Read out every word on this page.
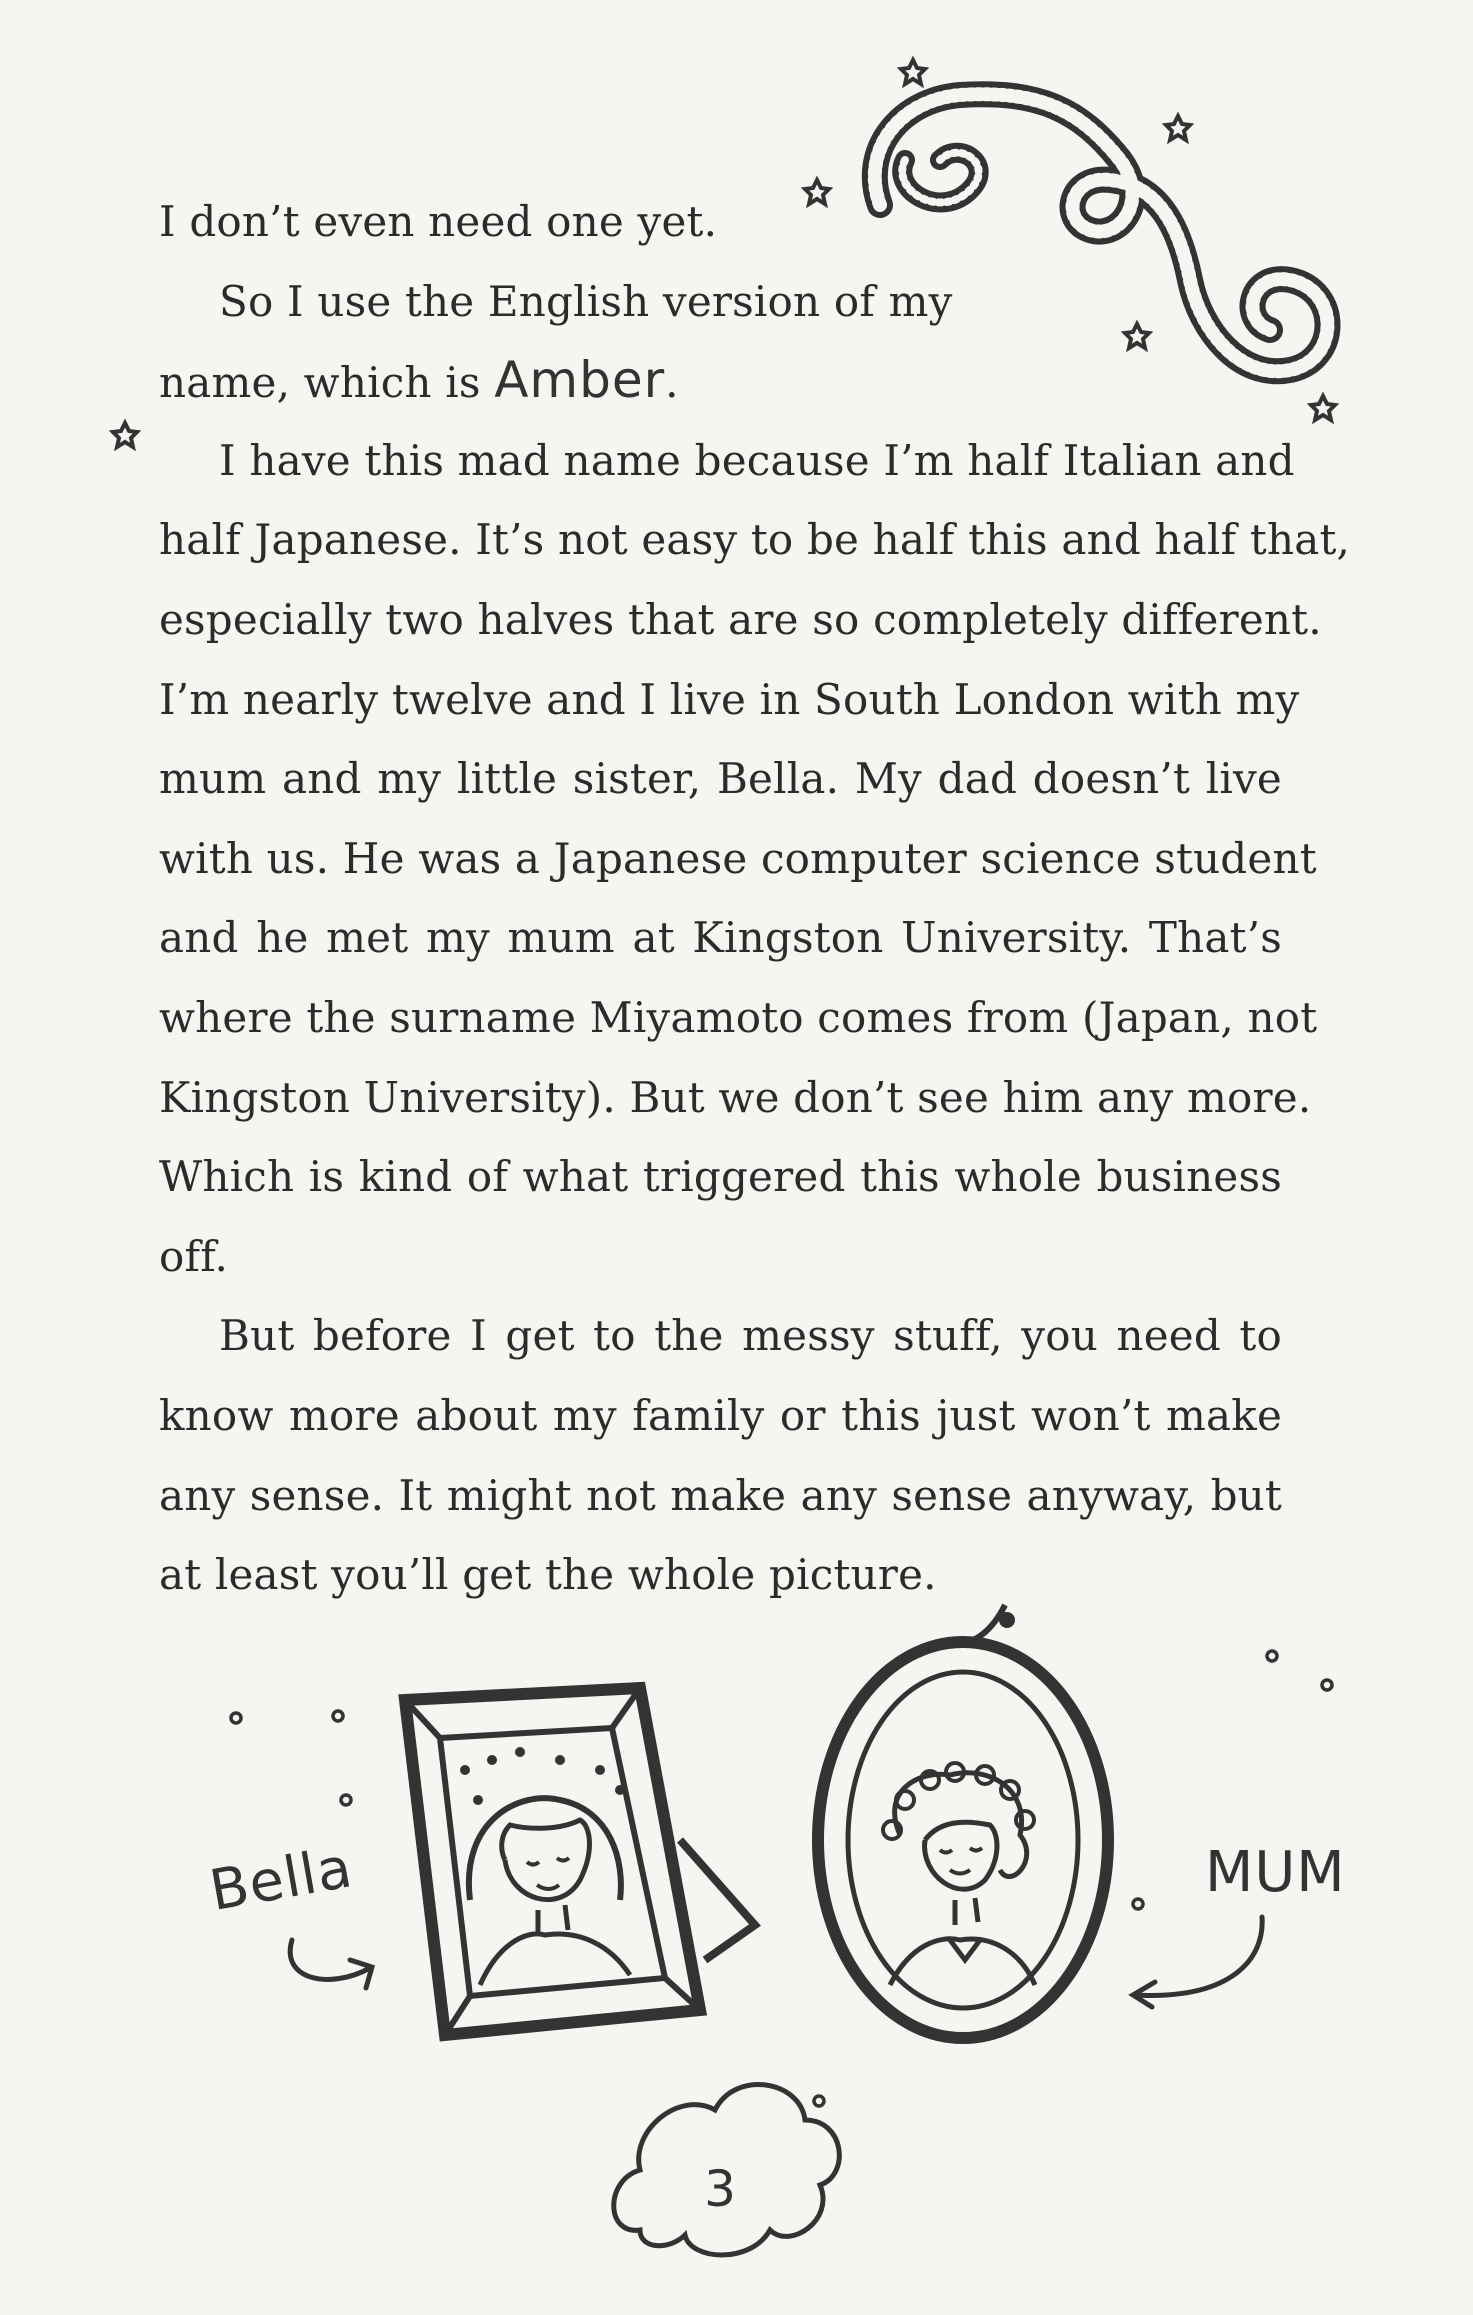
I don’t even need one yet.
So I use the English version of my
name, which is Amber.
I have this mad name because I’m half Italian and
half Japanese. It’s not easy to be half this and half that,
especially two halves that are so completely different.
I’m nearly twelve and I live in South London with my
mum and my little sister, Bella. My dad doesn’t live
with us. He was a Japanese computer science student
and he met my mum at Kingston University. That’s
where the surname Miyamoto comes from (Japan, not
Kingston University). But we don’t see him any more.
Which is kind of what triggered this whole business
off.
But before I get to the messy stuff, you need to
know more about my family or this just won’t make
any sense. It might not make any sense anyway, but
at least you’ll get the whole picture.
Bella	MUM
3
